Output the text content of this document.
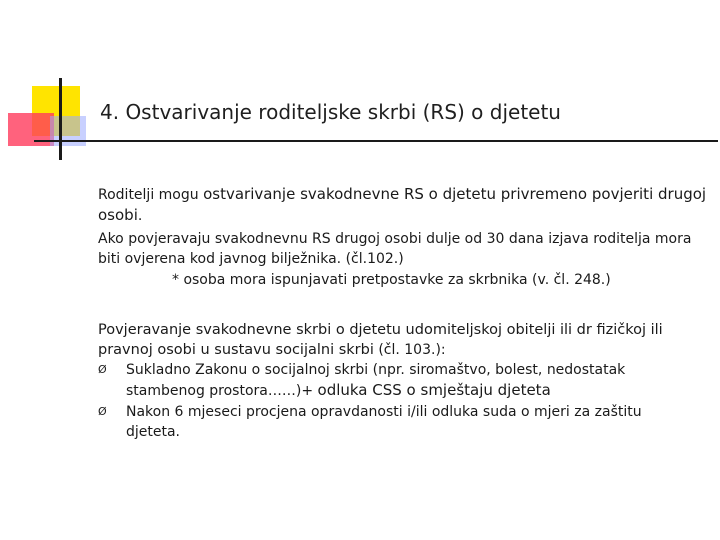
4. Ostvarivanje roditeljske skrbi (RS) o djetetu
Roditelji mogu ostvarivanje svakodnevne RS o djetetu privremeno povjeriti drugoj osobi.
Ako povjeravaju svakodnevnu RS drugoj osobi dulje od 30 dana izjava roditelja mora biti ovjerena kod javnog bilježnika. (čl.102.)
* osoba mora ispunjavati pretpostavke za skrbnika (v. čl. 248.)
Povjeravanje svakodnevne skrbi o djetetu udomiteljskoj obitelji ili dr fizičkoj ili pravnoj osobi u sustavu socijalni skrbi (čl. 103.):
Ø Sukladno Zakonu o socijalnoj skrbi (npr. siromaštvo, bolest, nedostatak stambenog prostora……)+ odluka CSS o smještaju djeteta
Ø Nakon 6 mjeseci procjena opravdanosti i/ili odluka suda o mjeri za zaštitu djeteta.
